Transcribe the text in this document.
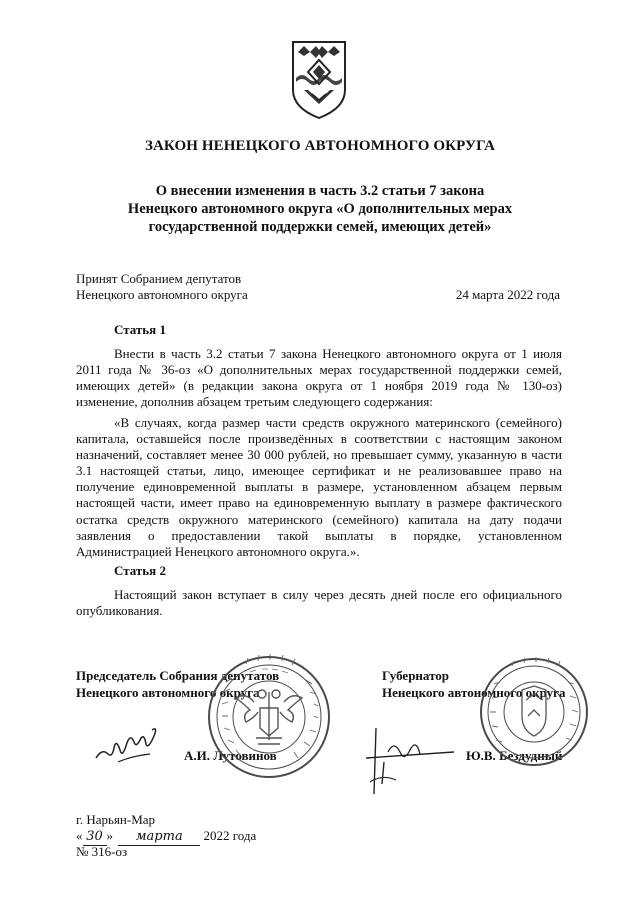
ЗАКОН НЕНЕЦКОГО АВТОНОМНОГО ОКРУГА
О внесении изменения в часть 3.2 статьи 7 закона
Ненецкого автономного округа «О дополнительных мерах
государственной поддержки семей, имеющих детей»
Принят Собранием депутатов
Ненецкого автономного округа	24 марта 2022 года
Статья 1

Внести в часть 3.2 статьи 7 закона Ненецкого автономного округа от 1 июля 2011 года № 36-оз «О дополнительных мерах государственной поддержки семей, имеющих детей» (в редакции закона округа от 1 ноября 2019 года № 130-оз) изменение, дополнив абзацем третьим следующего содержания:

«В случаях, когда размер части средств окружного материнского (семейного) капитала, оставшейся после произведённых в соответствии с настоящим законом назначений, составляет менее 30 000 рублей, но превышает сумму, указанную в части 3.1 настоящей статьи, лицо, имеющее сертификат и не реализовавшее право на получение единовременной выплаты в размере, установленном абзацем первым настоящей части, имеет право на единовременную выплату в размере фактического остатка средств окружного материнского (семейного) капитала на дату подачи заявления о предоставлении такой выплаты в порядке, установленном Администрацией Ненецкого автономного округа.».

Статья 2

Настоящий закон вступает в силу через десять дней после его официального опубликования.

Председатель Собрания депутатов
Ненецкого автономного округа
А.И. Лутовинов
Губернатор
Ненецкого автономного округа
Ю.В. Бездудный
г. Нарьян-Мар
« 30 » марта 2022 года
№ 316-оз
